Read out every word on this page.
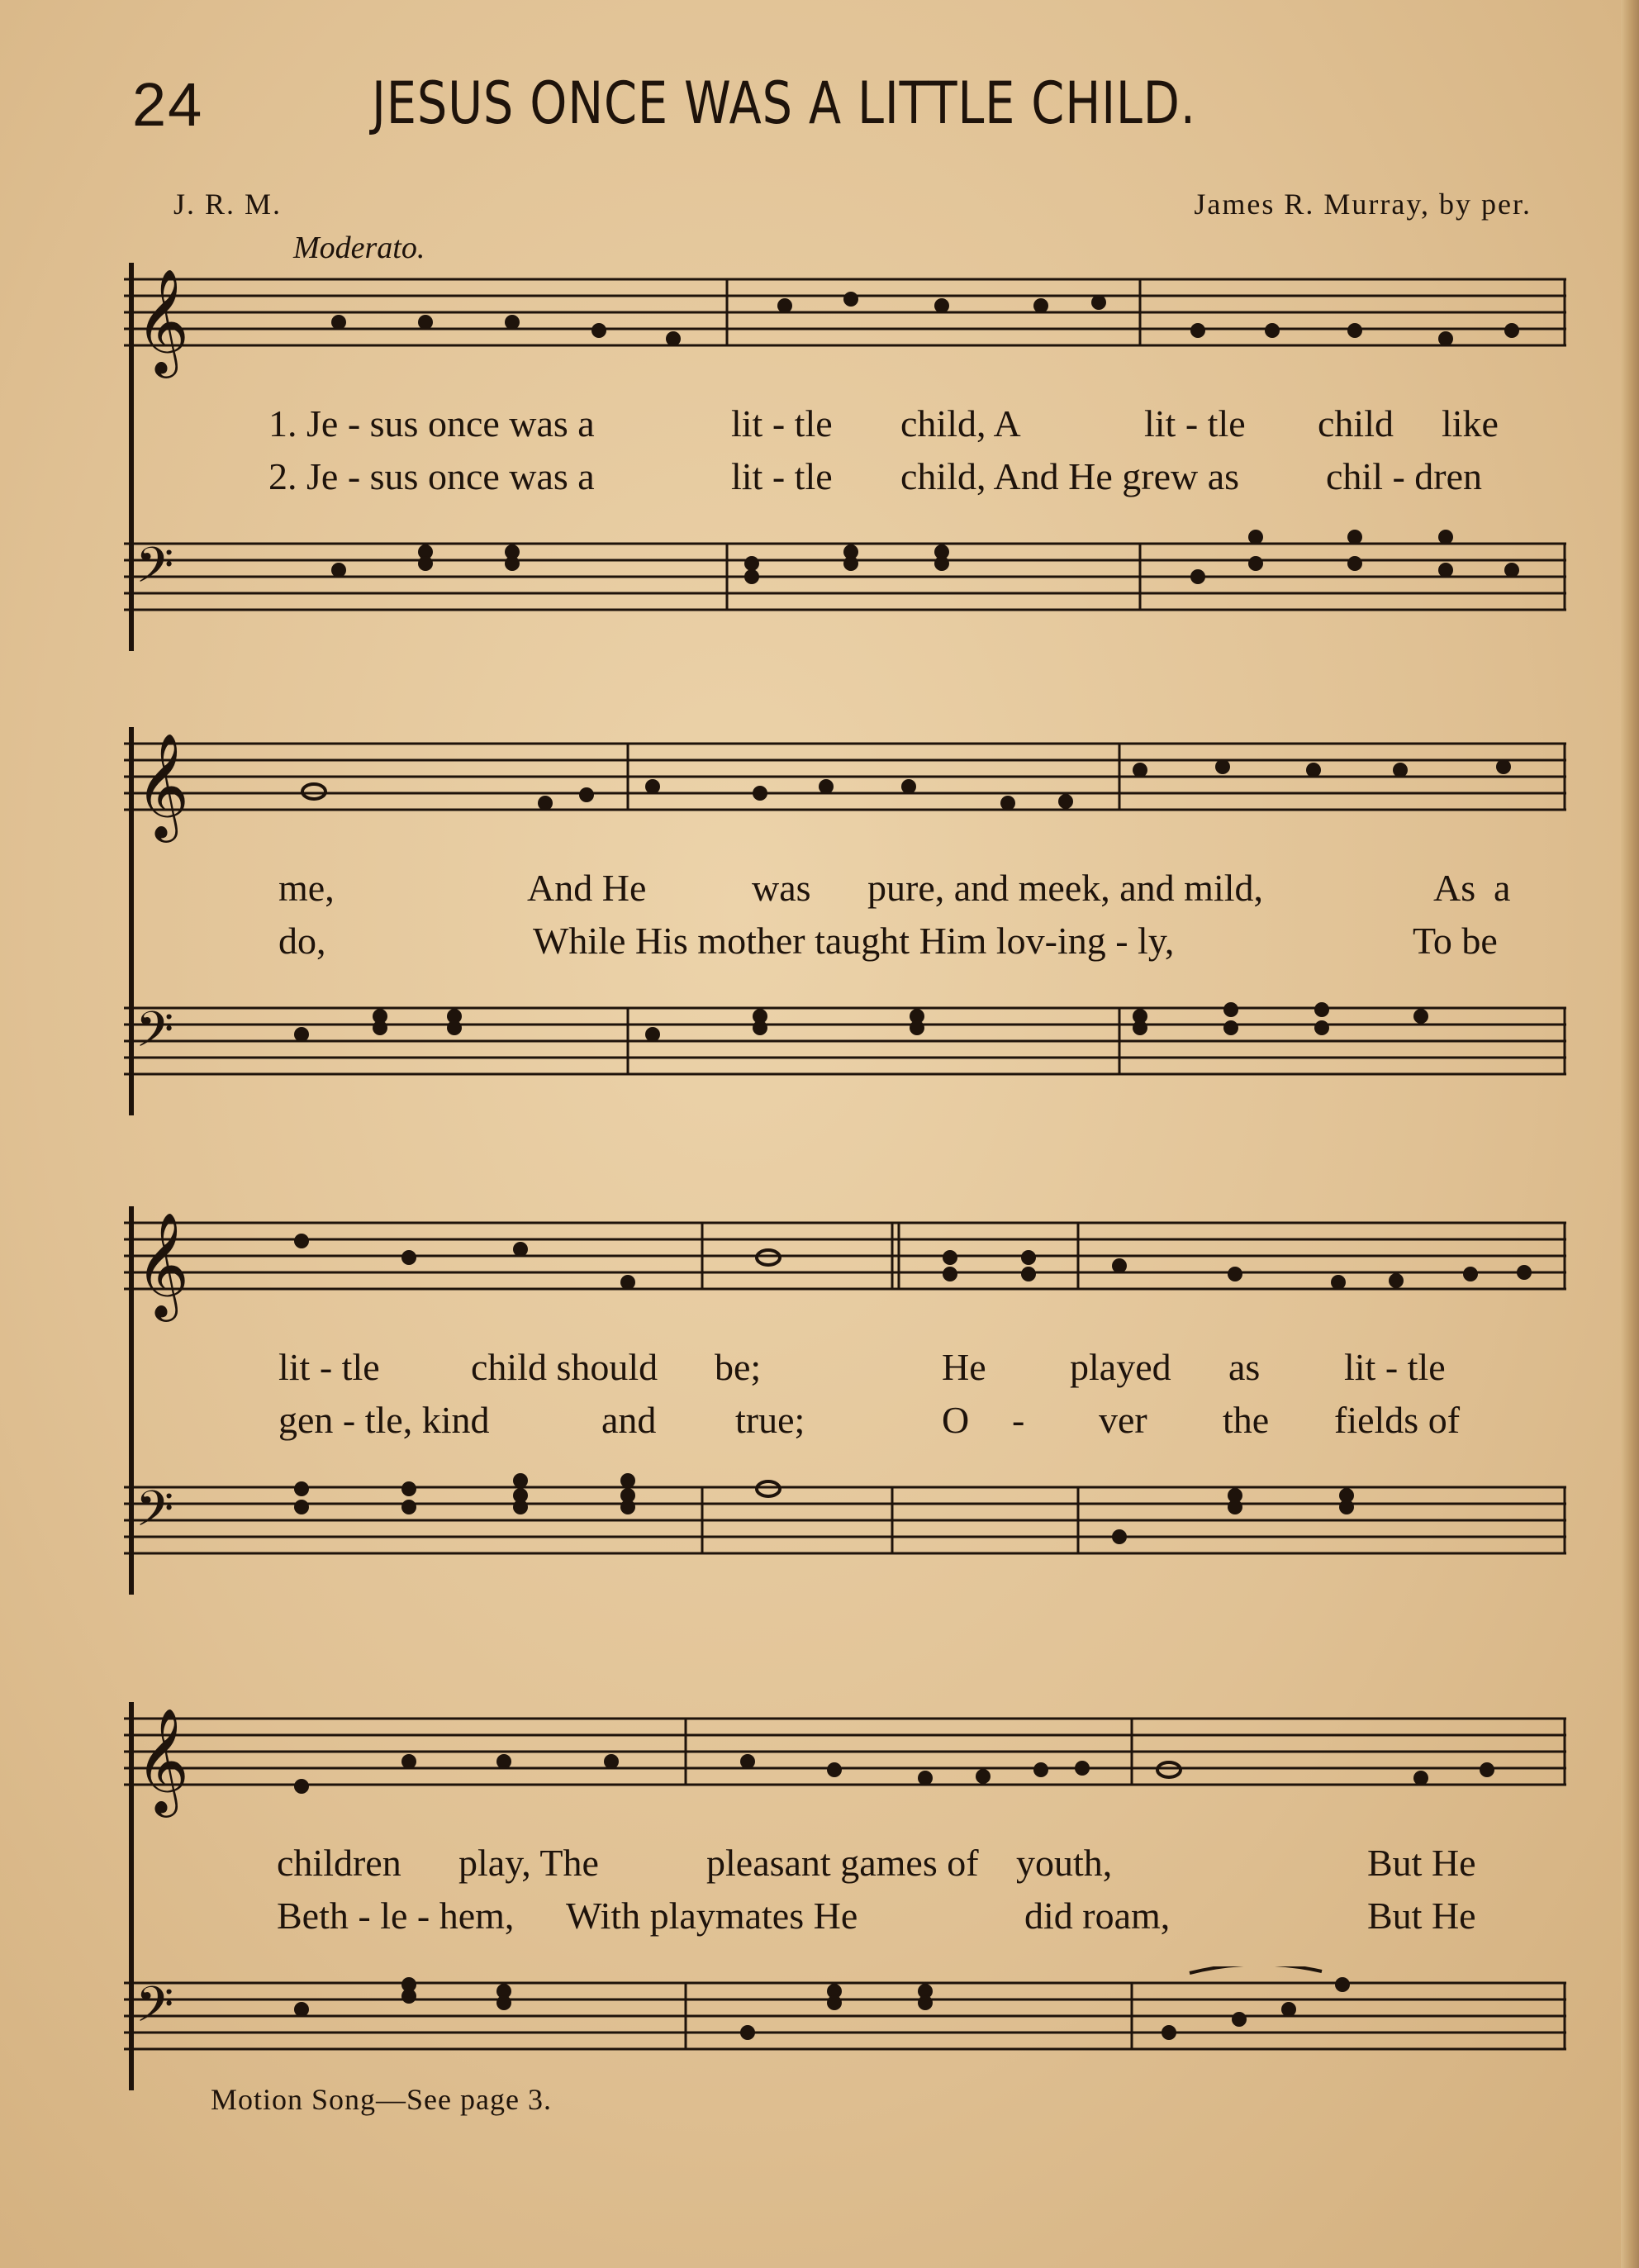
24	JESUS ONCE WAS A LITTLE CHILD.
J. R. M.	James R. Murray, by per.
Moderato.
𝄞
1. Je - sus once was a	lit - tle child, A	lit - tle child like
2. Je - sus once was a	lit - tle child, And He grew as chil - dren
𝄢
𝄞
me,	And He	was pure, and meek, and mild,	As a
do,	While His mother taught Him lov-ing - ly,	To be
𝄢
𝄞
lit - tle child should be;	He played as lit - tle
gen - tle, kind	and true;	O - ver the fields of
𝄢
𝄞
children play, The	pleasant games of youth,	But He
Beth - le - hem, With playmates He	did roam,	But He
𝄢
Motion Song—See page 3.
